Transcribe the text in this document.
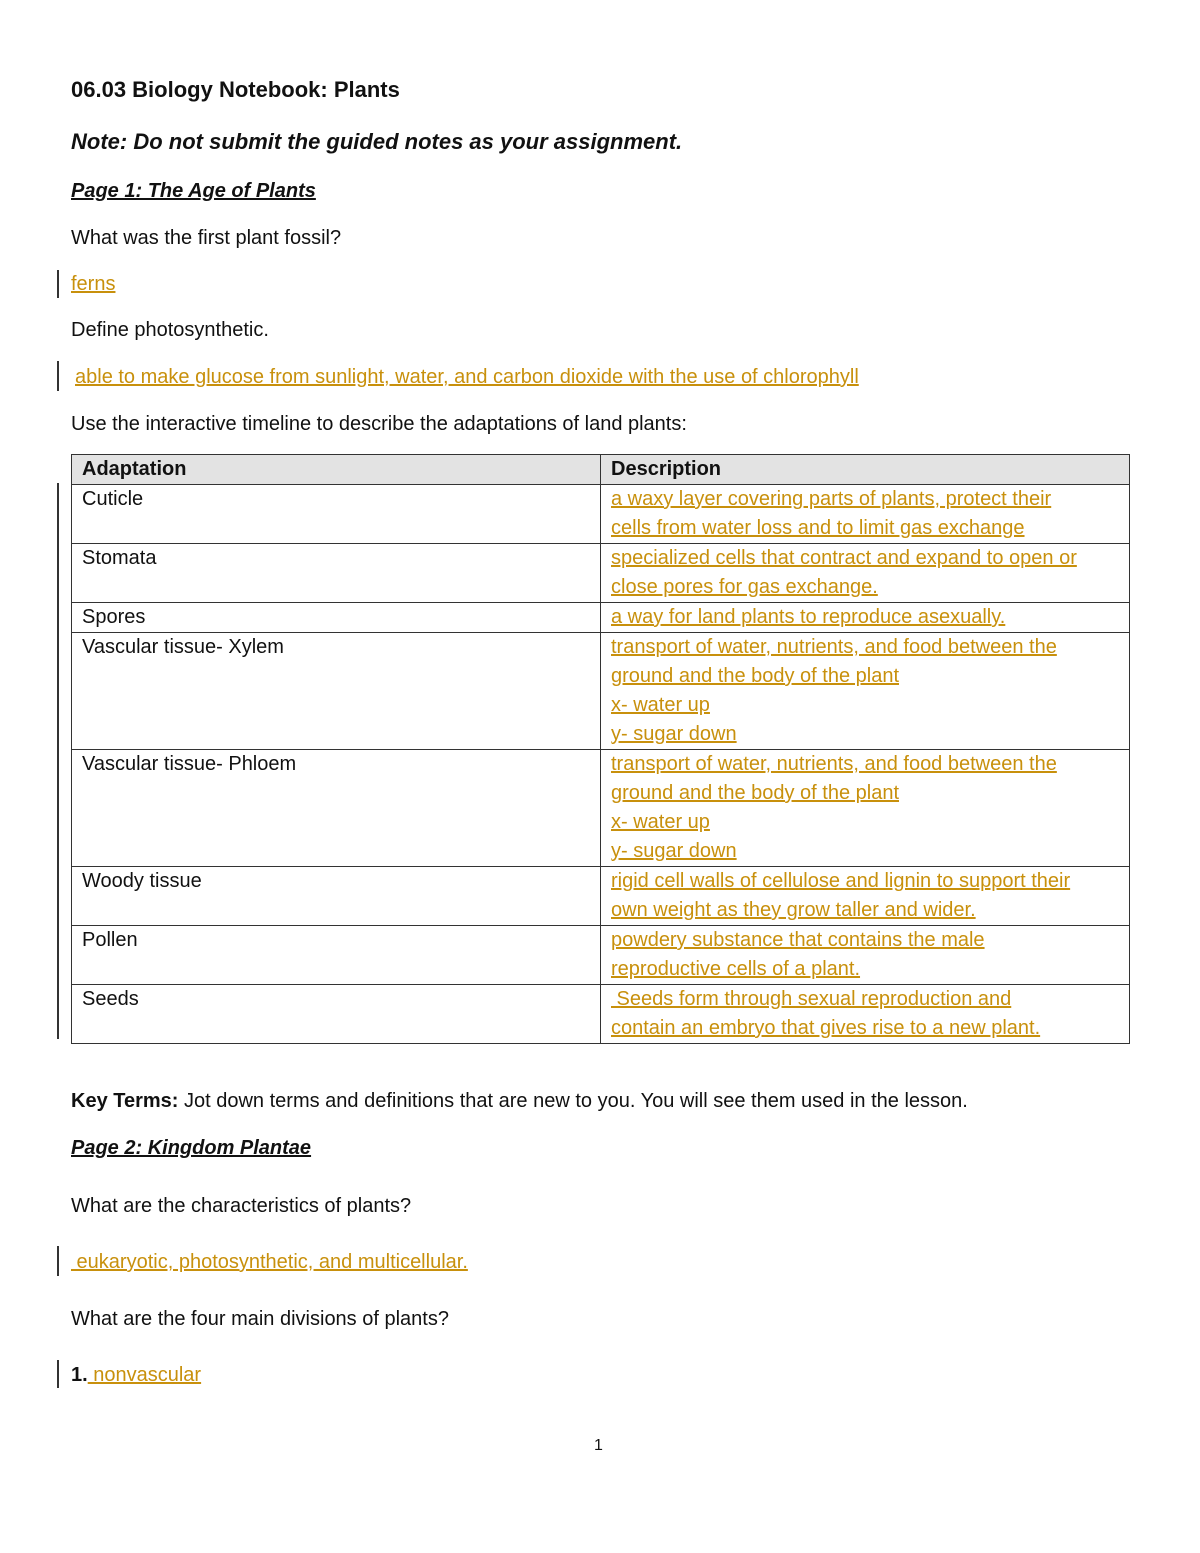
06.03 Biology Notebook: Plants

Note: Do not submit the guided notes as your assignment.

Page 1: The Age of Plants

What was the first plant fossil?

ferns

Define photosynthetic.

able to make glucose from sunlight, water, and carbon dioxide with the use of chlorophyll

Use the interactive timeline to describe the adaptations of land plants:

Adaptation	Description
Cuticle	a waxy layer covering parts of plants, protect their
cells from water loss and to limit gas exchange

Stomata	specialized cells that contract and expand to open or
close pores for gas exchange.

Spores	a way for land plants to reproduce asexually.

Vascular tissue- Xylem	transport of water, nutrients, and food between the
ground and the body of the plant
x- water up
y- sugar down

Vascular tissue- Phloem	transport of water, nutrients, and food between the
ground and the body of the plant
x- water up
y- sugar down

Woody tissue	rigid cell walls of cellulose and lignin to support their
own weight as they grow taller and wider.

Pollen	powdery substance that contains the male
reproductive cells of a plant.

Seeds	Seeds form through sexual reproduction and
contain an embryo that gives rise to a new plant.

Key Terms: Jot down terms and definitions that are new to you. You will see them used in the lesson.

Page 2: Kingdom Plantae

What are the characteristics of plants?

eukaryotic, photosynthetic, and multicellular.

What are the four main divisions of plants?

1. nonvascular

1
